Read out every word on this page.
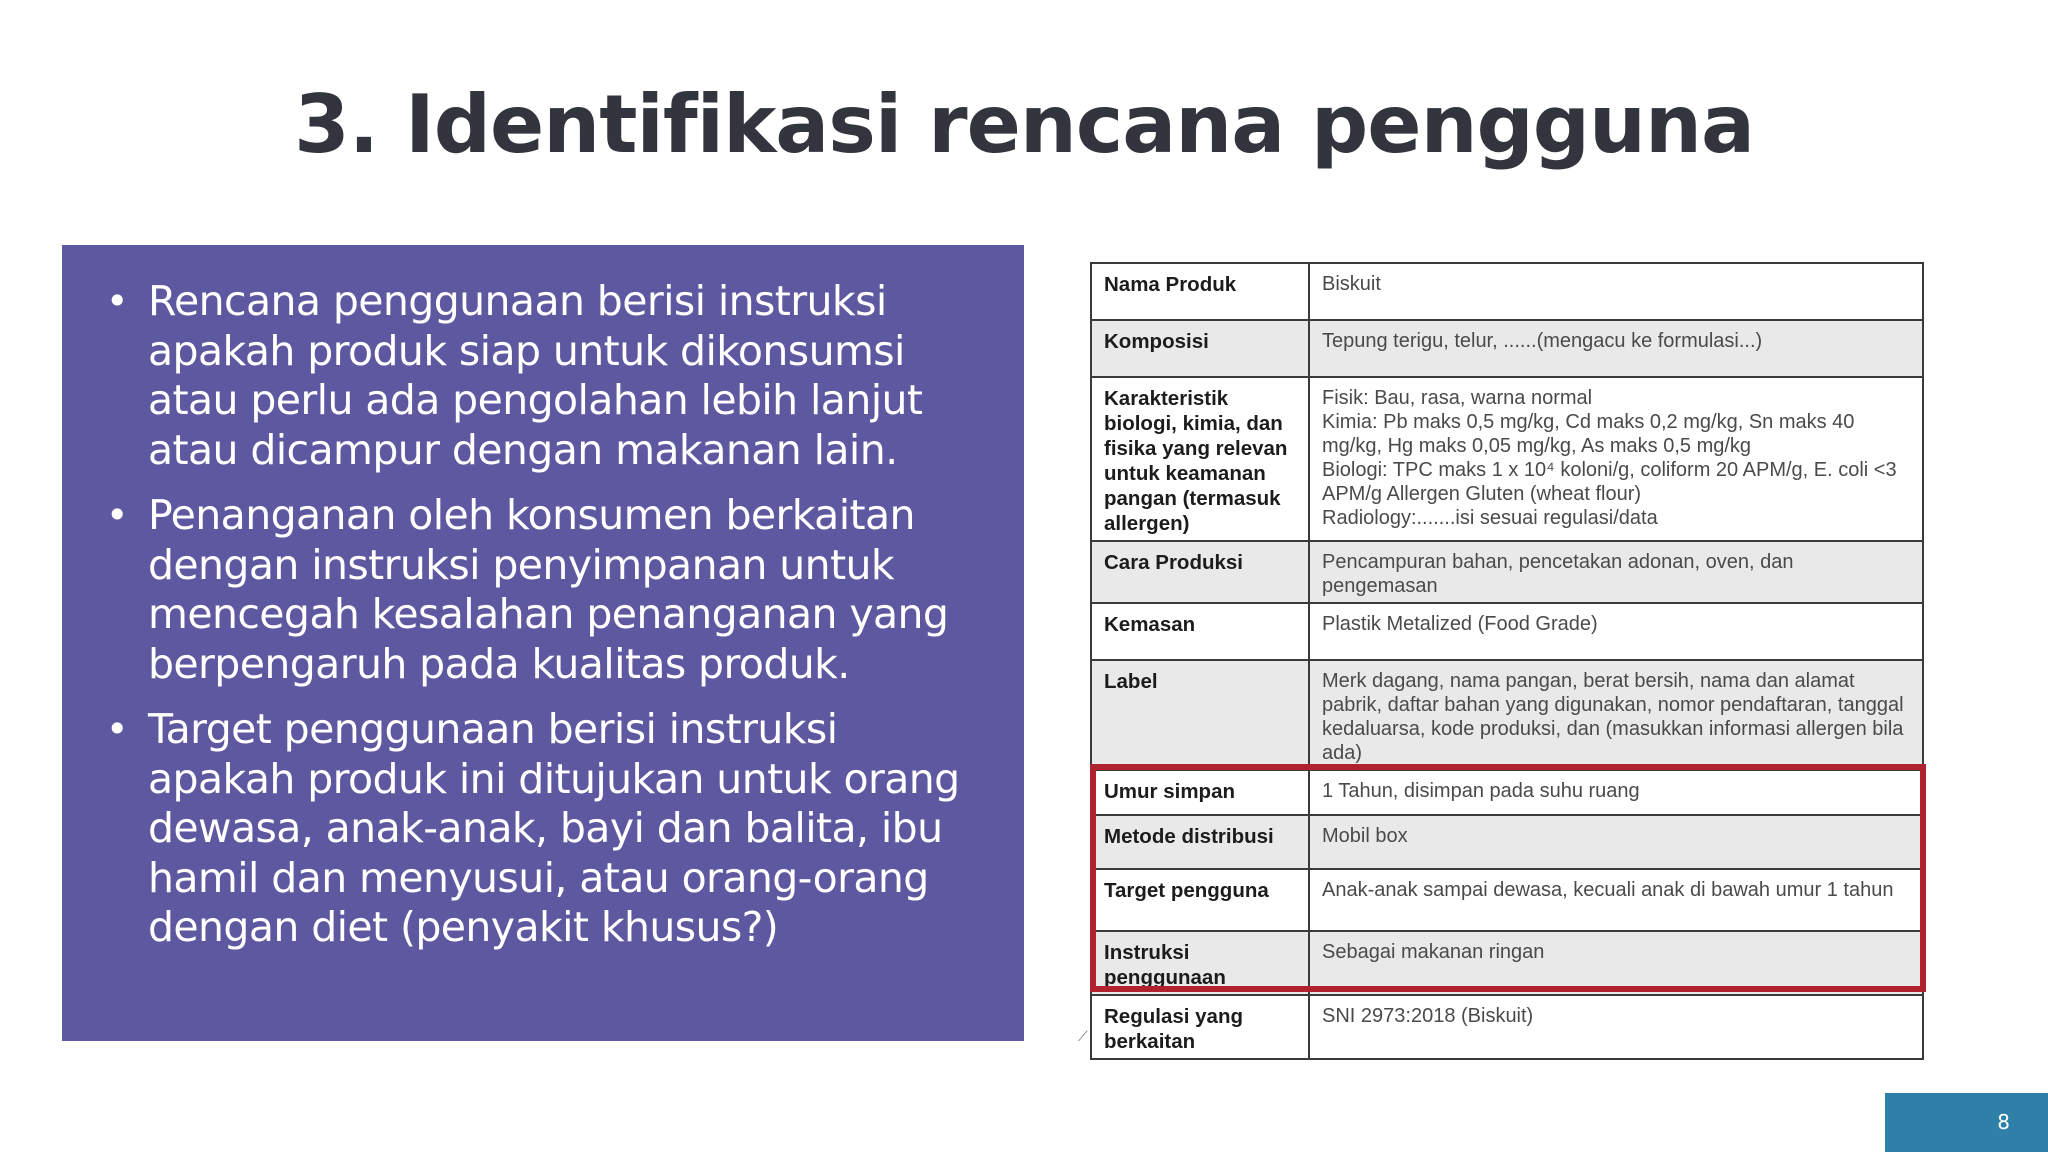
3. Identifikasi rencana pengguna
• Rencana penggunaan berisi instruksi apakah produk siap untuk dikonsumsi atau perlu ada pengolahan lebih lanjut atau dicampur dengan makanan lain.
• Penanganan oleh konsumen berkaitan dengan instruksi penyimpanan untuk mencegah kesalahan penanganan yang berpengaruh pada kualitas produk.
• Target penggunaan berisi instruksi apakah produk ini ditujukan untuk orang dewasa, anak-anak, bayi dan balita, ibu hamil dan menyusui, atau orang-orang dengan diet (penyakit khusus?)
Nama Produk	Biskuit
Komposisi	Tepung terigu, telur, ......(mengacu ke formulasi...)
Karakteristik biologi, kimia, dan fisika yang relevan untuk keamanan pangan (termasuk allergen)	Fisik: Bau, rasa, warna normal
Kimia: Pb maks 0,5 mg/kg, Cd maks 0,2 mg/kg, Sn maks 40 mg/kg, Hg maks 0,05 mg/kg, As maks 0,5 mg/kg
Biologi: TPC maks 1 x 10⁴ koloni/g, coliform 20 APM/g, E. coli <3 APM/g Allergen Gluten (wheat flour)
Radiology:.......isi sesuai regulasi/data

Cara Produksi	Pencampuran bahan, pencetakan adonan, oven, dan pengemasan
Kemasan	Plastik Metalized (Food Grade)
Label	Merk dagang, nama pangan, berat bersih, nama dan alamat pabrik, daftar bahan yang digunakan, nomor pendaftaran, tanggal kedaluarsa, kode produksi, dan (masukkan informasi allergen bila ada)
Umur simpan	1 Tahun, disimpan pada suhu ruang
Metode distribusi	Mobil box
Target pengguna	Anak-anak sampai dewasa, kecuali anak di bawah umur 1 tahun
Instruksi penggunaan	Sebagai makanan ringan
Regulasi yang berkaitan	SNI 2973:2018 (Biskuit)
⟋
8
